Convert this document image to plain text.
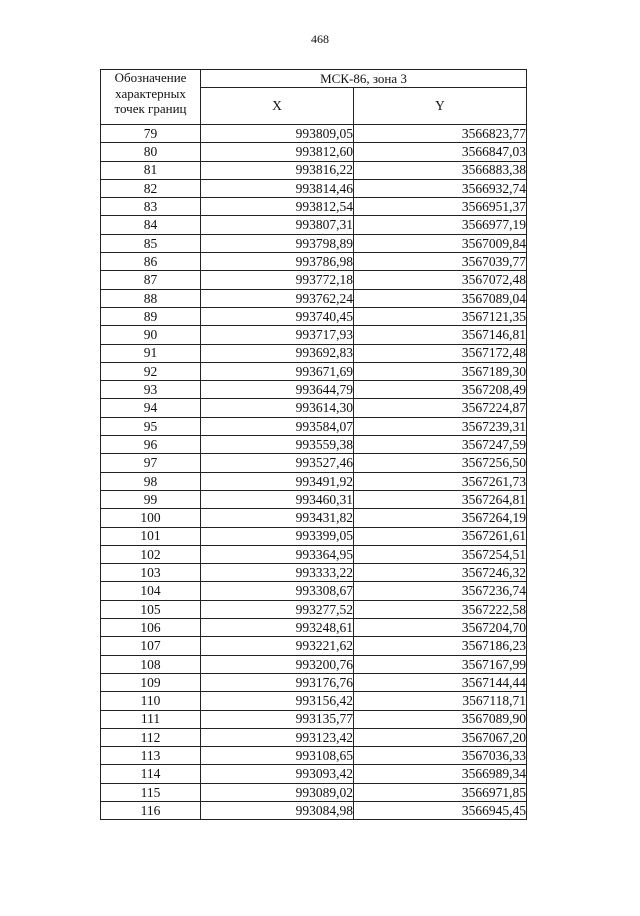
468
Обозначение характерных точек границ	МСК-86, зона 3	
	X	Y
79	993809,05	3566823,77
80	993812,60	3566847,03
81	993816,22	3566883,38
82	993814,46	3566932,74
83	993812,54	3566951,37
84	993807,31	3566977,19
85	993798,89	3567009,84
86	993786,98	3567039,77
87	993772,18	3567072,48
88	993762,24	3567089,04
89	993740,45	3567121,35
90	993717,93	3567146,81
91	993692,83	3567172,48
92	993671,69	3567189,30
93	993644,79	3567208,49
94	993614,30	3567224,87
95	993584,07	3567239,31
96	993559,38	3567247,59
97	993527,46	3567256,50
98	993491,92	3567261,73
99	993460,31	3567264,81
100	993431,82	3567264,19
101	993399,05	3567261,61
102	993364,95	3567254,51
103	993333,22	3567246,32
104	993308,67	3567236,74
105	993277,52	3567222,58
106	993248,61	3567204,70
107	993221,62	3567186,23
108	993200,76	3567167,99
109	993176,76	3567144,44
110	993156,42	3567118,71
111	993135,77	3567089,90
112	993123,42	3567067,20
113	993108,65	3567036,33
114	993093,42	3566989,34
115	993089,02	3566971,85
116	993084,98	3566945,45
